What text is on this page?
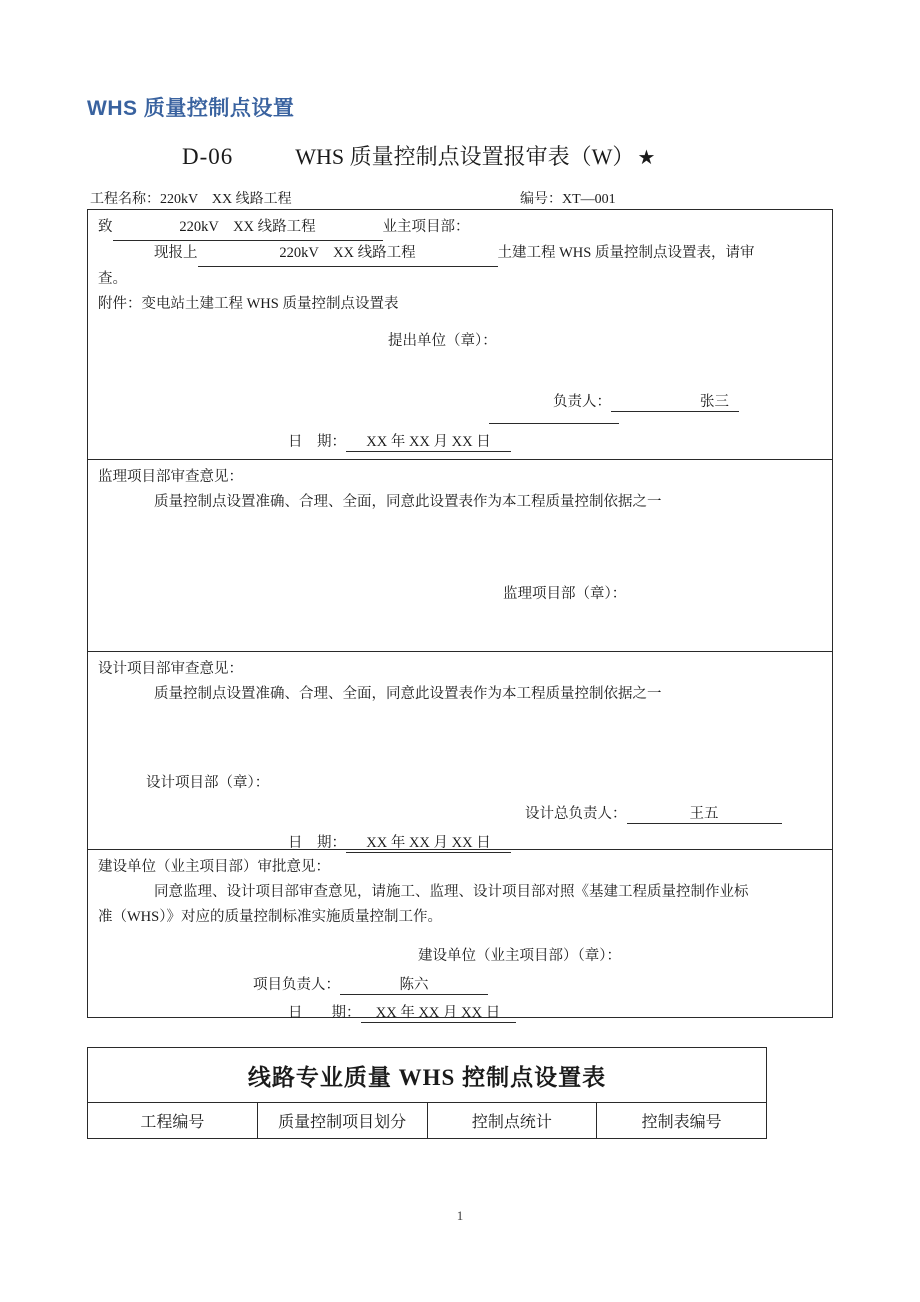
WHS 质量控制点设置
D-06	WHS 质量控制点设置报审表（W） ★
工程名称：220kV　XX 线路工程	编号：XT—001
致	220kV　XX 线路工程	业主项目部：
现报上	220kV　XX 线路工程	土建工程 WHS 质量控制点设置表，请审
查。
附件：变电站土建工程 WHS 质量控制点设置表
提出单位（章）：
负责人：	张三
日　期： XX 年 XX 月 XX 日
监理项目部审查意见：
质量控制点设置准确、合理、全面，同意此设置表作为本工程质量控制依据之一
监理项目部（章）：
设计项目部审查意见：
质量控制点设置准确、合理、全面，同意此设置表作为本工程质量控制依据之一
设计项目部（章）：
设计总负责人：	王五
日　期： XX 年 XX 月 XX 日
建设单位（业主项目部）审批意见：
同意监理、设计项目部审查意见，请施工、监理、设计项目部对照《基建工程质量控制作业标
准（WHS）》对应的质量控制标准实施质量控制工作。
建设单位（业主项目部）（章）：
项目负责人：	陈六
日　　期： XX 年 XX 月 XX 日
线路专业质量 WHS 控制点设置表
工程编号	质量控制项目划分	控制点统计	控制表编号
1
